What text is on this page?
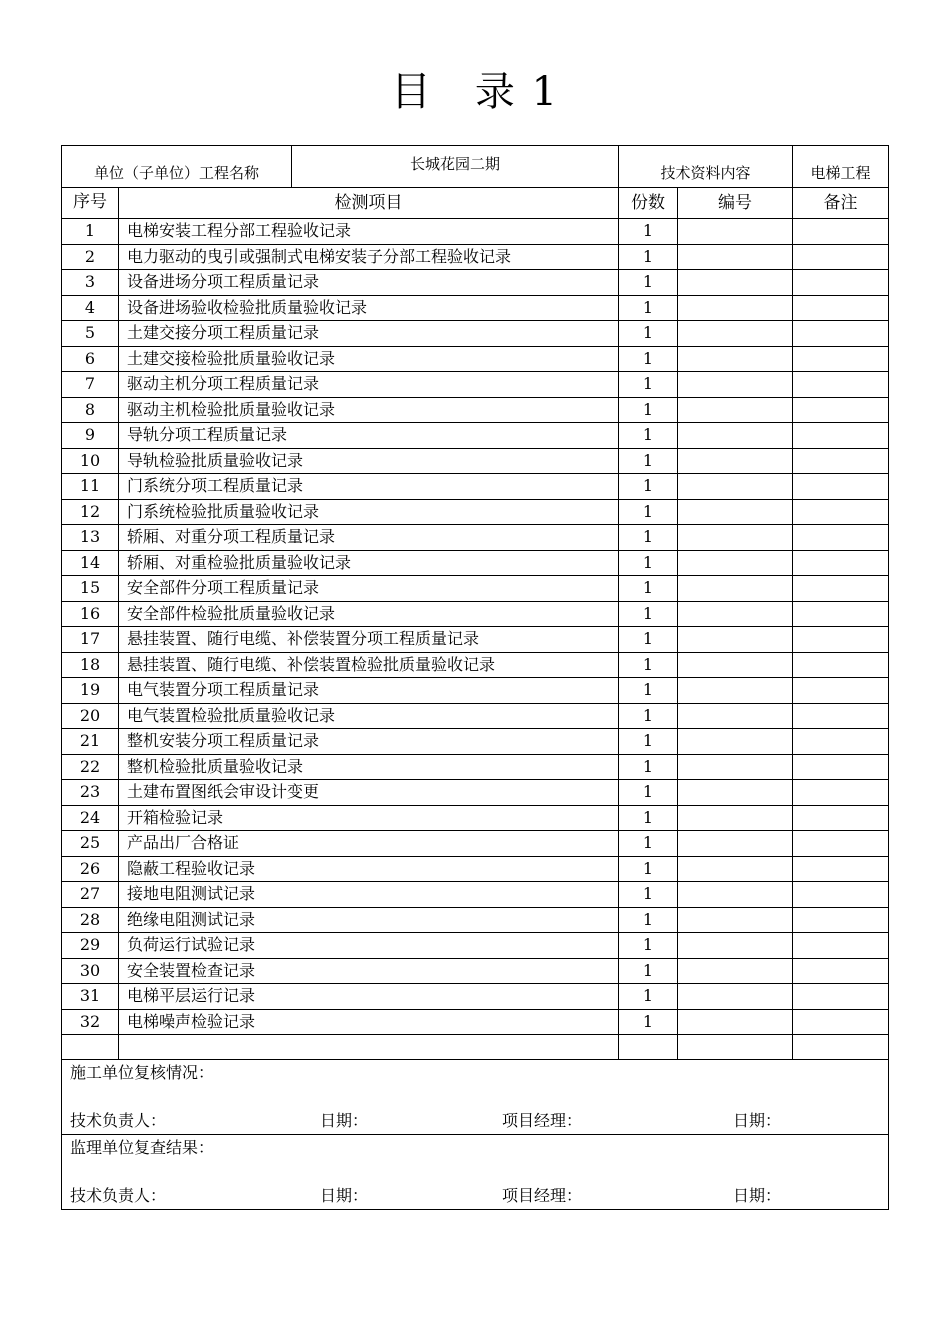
目　录 1
单位（子单位）工程名称		长城花园二期	技术资料内容		电梯工程
序号	检测项目		份数	编号	备注
1	电梯安装工程分部工程验收记录		1		
2	电力驱动的曳引或强制式电梯安装子分部工程验收记录		1		
3	设备进场分项工程质量记录		1		
4	设备进场验收检验批质量验收记录		1		
5	土建交接分项工程质量记录		1		
6	土建交接检验批质量验收记录		1		
7	驱动主机分项工程质量记录		1		
8	驱动主机检验批质量验收记录		1		
9	导轨分项工程质量记录		1		
10	导轨检验批质量验收记录		1		
11	门系统分项工程质量记录		1		
12	门系统检验批质量验收记录		1		
13	轿厢、对重分项工程质量记录		1		
14	轿厢、对重检验批质量验收记录		1		
15	安全部件分项工程质量记录		1		
16	安全部件检验批质量验收记录		1		
17	悬挂装置、随行电缆、补偿装置分项工程质量记录		1		
18	悬挂装置、随行电缆、补偿装置检验批质量验收记录		1		
19	电气装置分项工程质量记录		1		
20	电气装置检验批质量验收记录		1		
21	整机安装分项工程质量记录		1		
22	整机检验批质量验收记录		1		
23	土建布置图纸会审设计变更		1		
24	开箱检验记录		1		
25	产品出厂合格证		1		
26	隐蔽工程验收记录		1		
27	接地电阻测试记录		1		
28	绝缘电阻测试记录		1		
29	负荷运行试验记录		1		
30	安全装置检查记录		1		
31	电梯平层运行记录		1		
32	电梯噪声检验记录		1		

施工单位复核情况：
技术负责人： 日期： 项目经理： 日期：					

监理单位复查结果：
技术负责人： 日期： 项目经理： 日期：					
